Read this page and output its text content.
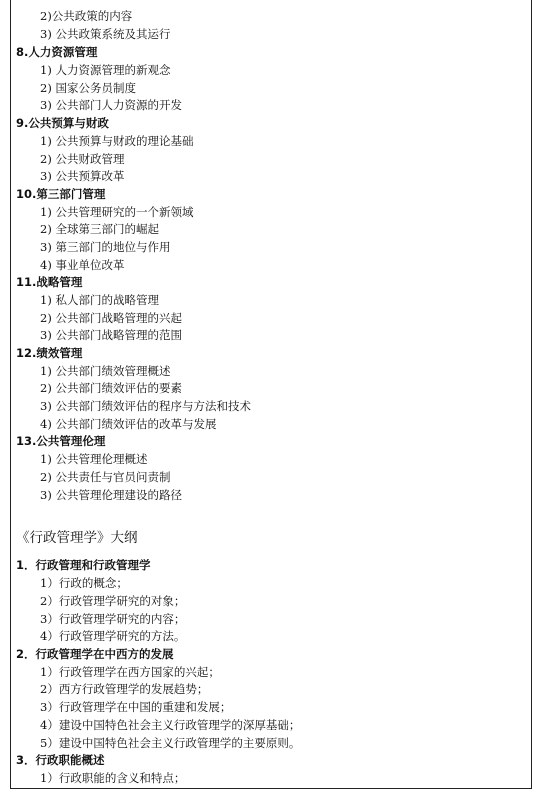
2)公共政策的内容
3) 公共政策系统及其运行
8.人力资源管理
1) 人力资源管理的新观念
2) 国家公务员制度
3) 公共部门人力资源的开发
9.公共预算与财政
1) 公共预算与财政的理论基础
2) 公共财政管理
3) 公共预算改革
10.第三部门管理
1) 公共管理研究的一个新领域
2) 全球第三部门的崛起
3) 第三部门的地位与作用
4) 事业单位改革
11.战略管理
1) 私人部门的战略管理
2) 公共部门战略管理的兴起
3) 公共部门战略管理的范围
12.绩效管理
1) 公共部门绩效管理概述
2) 公共部门绩效评估的要素
3) 公共部门绩效评估的程序与方法和技术
4) 公共部门绩效评估的改革与发展
13.公共管理伦理
1) 公共管理伦理概述
2) 公共责任与官员问责制
3) 公共管理伦理建设的路径
《行政管理学》大纲
1．行政管理和行政管理学
1）行政的概念；
2）行政管理学研究的对象；
3）行政管理学研究的内容；
4）行政管理学研究的方法。
2．行政管理学在中西方的发展
1）行政管理学在西方国家的兴起；
2）西方行政管理学的发展趋势；
3）行政管理学在中国的重建和发展；
4）建设中国特色社会主义行政管理学的深厚基础；
5）建设中国特色社会主义行政管理学的主要原则。
3．行政职能概述
1）行政职能的含义和特点；
